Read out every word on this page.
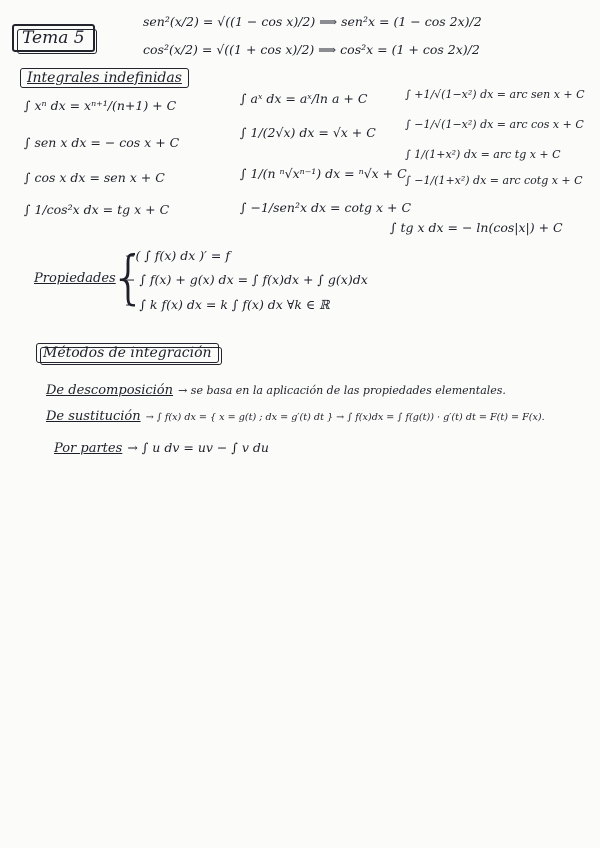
Tema 5
sen²(x/2) = √((1 − cos x)/2) ⟹ sen²x = (1 − cos 2x)/2
cos²(x/2) = √((1 + cos x)/2) ⟹ cos²x = (1 + cos 2x)/2
Integrales indefinidas
∫ xⁿ dx = xⁿ⁺¹/(n+1) + C
∫ sen x dx = − cos x + C
∫ cos x dx = sen x + C
∫ 1/cos²x dx = tg x + C
∫ aˣ dx = aˣ/ln a + C
∫ 1/(2√x) dx = √x + C
∫ 1/(n ⁿ√xⁿ⁻¹) dx = ⁿ√x + C
∫ −1/sen²x dx = cotg x + C
∫ +1/√(1−x²) dx = arc sen x + C
∫ −1/√(1−x²) dx = arc cos x + C
∫ 1/(1+x²) dx = arc tg x + C
∫ −1/(1+x²) dx = arc cotg x + C
∫ tg x dx = − ln(cos|x|) + C
Propiedades
{
−( ∫ f(x) dx )′ = f
− ∫ f(x) + g(x) dx = ∫ f(x)dx + ∫ g(x)dx
− ∫ k f(x) dx = k ∫ f(x) dx ∀k ∈ ℝ
Métodos de integración
De descomposición → se basa en la aplicación de las propiedades elementales.
De sustitución → ∫ f(x) dx = { x = g(t) ; dx = g′(t) dt } → ∫ f(x)dx = ∫ f(g(t)) · g′(t) dt = F(t) = F(x).
Por partes → ∫ u dv = uv − ∫ v du
